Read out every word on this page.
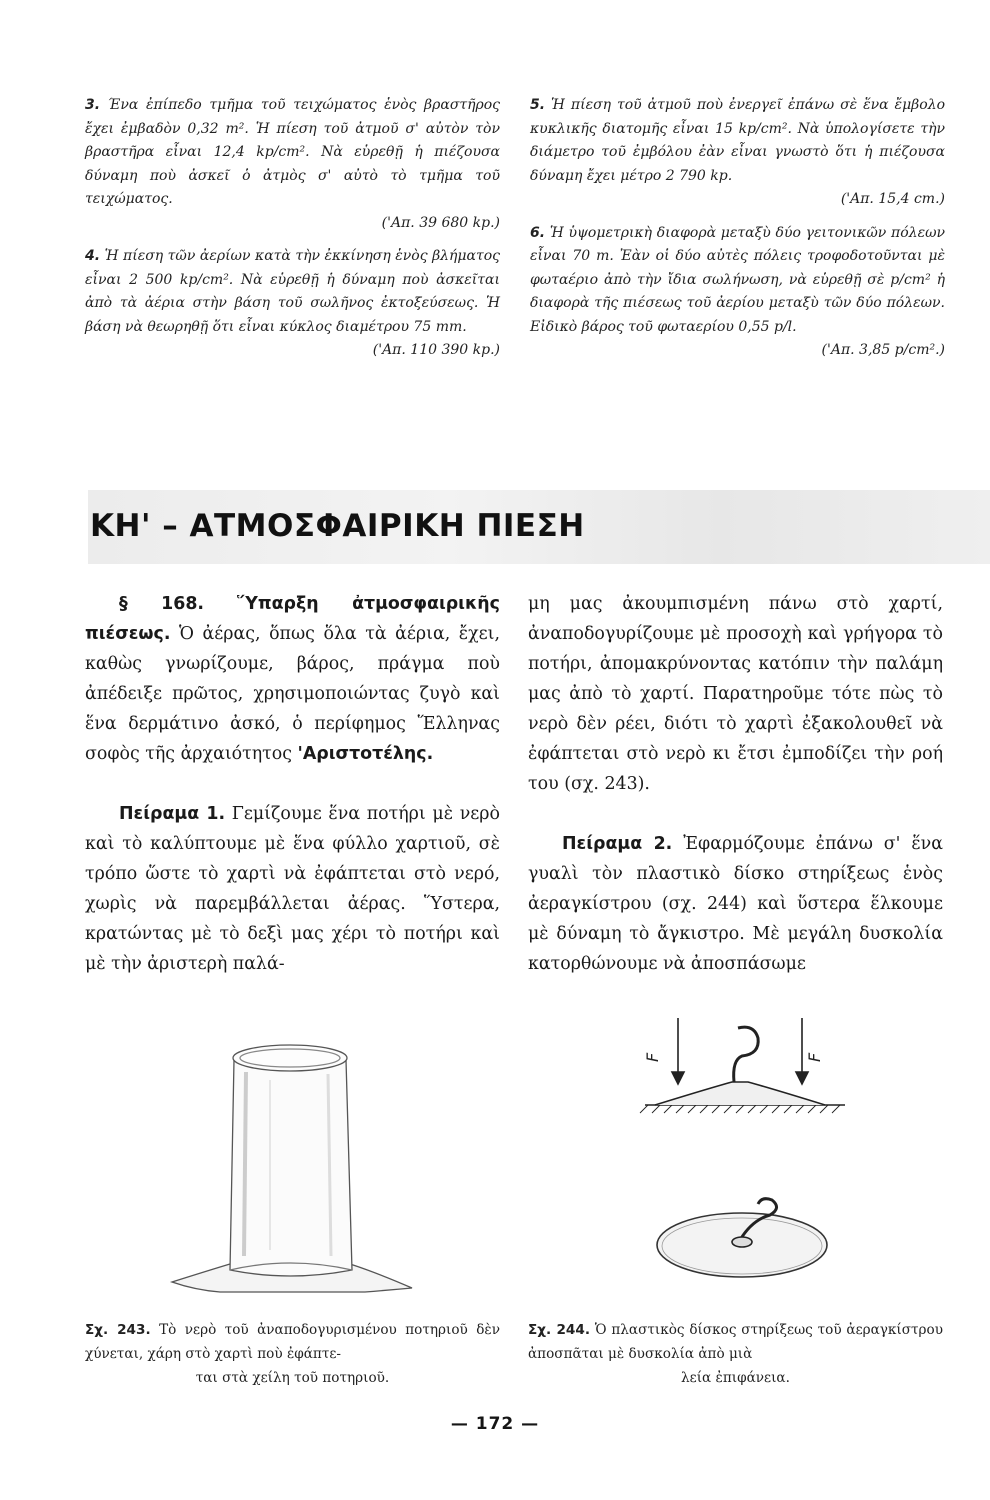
3. Ένα ἐπίπεδο τμῆμα τοῦ τειχώματος ἑνὸς βραστῆρος ἔχει ἐμβαδὸν 0,32 m². Ἡ πίεση τοῦ ἀτμοῦ σ' αὐτὸν τὸν βραστῆρα εἶναι 12,4 kp/cm². Νὰ εὑρεθῇ ἡ πιέζουσα δύναμη ποὺ ἀσκεῖ ὁ ἀτμὸς σ' αὐτὸ τὸ τμῆμα τοῦ τειχώματος.

('Απ. 39 680 kp.)

4. Ἡ πίεση τῶν ἀερίων κατὰ τὴν ἐκκίνηση ἑνὸς βλήματος εἶναι 2 500 kp/cm². Νὰ εὑρεθῇ ἡ δύναμη ποὺ ἀσκεῖται ἀπὸ τὰ ἀέρια στὴν βάση τοῦ σωλῆνος ἐκτοξεύσεως. Ἡ βάση νὰ θεωρηθῇ ὅτι εἶναι κύκλος διαμέτρου 75 mm.

('Απ. 110 390 kp.)

5. Ἡ πίεση τοῦ ἀτμοῦ ποὺ ἐνεργεῖ ἐπάνω σὲ ἕνα ἔμβολο κυκλικῆς διατομῆς εἶναι 15 kp/cm². Νὰ ὑπολογίσετε τὴν διάμετρο τοῦ ἐμβόλου ἐὰν εἶναι γνωστὸ ὅτι ἡ πιέζουσα δύναμη ἔχει μέτρο 2 790 kp.

('Απ. 15,4 cm.)

6. Ἡ ὑψομετρικὴ διαφορὰ μεταξὺ δύο γειτονικῶν πόλεων εἶναι 70 m. Ἐὰν οἱ δύο αὐτὲς πόλεις τροφοδοτοῦνται μὲ φωταέριο ἀπὸ τὴν ἴδια σωλήνωση, νὰ εὑρεθῇ σὲ p/cm² ἡ διαφορὰ τῆς πιέσεως τοῦ ἀερίου μεταξὺ τῶν δύο πόλεων. Εἰδικὸ βάρος τοῦ φωταερίου 0,55 p/l.

('Απ. 3,85 p/cm².)

ΚΗ' – ΑΤΜΟΣΦΑΙΡΙΚΗ ΠΙΕΣΗ

§ 168. Ὕπαρξη ἀτμοσφαιρικῆς πιέσεως. Ὁ ἀέρας, ὅπως ὅλα τὰ ἀέρια, ἔχει, καθὼς γνωρίζουμε, βάρος, πράγμα ποὺ ἀπέδειξε πρῶτος, χρησιμοποιώντας ζυγὸ καὶ ἕνα δερμάτινο ἀσκό, ὁ περίφημος Ἕλληνας σοφὸς τῆς ἀρχαιότητος 'Αριστοτέλης.

Πείραμα 1. Γεμίζουμε ἕνα ποτήρι μὲ νερὸ καὶ τὸ καλύπτουμε μὲ ἕνα φύλλο χαρτιοῦ, σὲ τρόπο ὥστε τὸ χαρτὶ νὰ ἐφάπτεται στὸ νερό, χωρὶς νὰ παρεμβάλλεται ἀέρας. Ὕστερα, κρατώντας μὲ τὸ δεξὶ μας χέρι τὸ ποτήρι καὶ μὲ τὴν ἀριστερὴ παλά-

μη μας ἀκουμπισμένη πάνω στὸ χαρτί, ἀναποδογυρίζουμε μὲ προσοχὴ καὶ γρήγορα τὸ ποτήρι, ἀπομακρύνοντας κατόπιν τὴν παλάμη μας ἀπὸ τὸ χαρτί. Παρατηροῦμε τότε πὼς τὸ νερὸ δὲν ρέει, διότι τὸ χαρτὶ ἐξακολουθεῖ νὰ ἐφάπτεται στὸ νερὸ κι ἔτσι ἐμποδίζει τὴν ροή του (σχ. 243).

Πείραμα 2. Ἐφαρμόζουμε ἐπάνω σ' ἕνα γυαλὶ τὸν πλαστικὸ δίσκο στηρίξεως ἑνὸς ἀεραγκίστρου (σχ. 244) καὶ ὕστερα ἕλκουμε μὲ δύναμη τὸ ἄγκιστρο. Μὲ μεγάλη δυσκολία κατορθώνουμε νὰ ἀποσπάσωμε

F	F
Σχ. 243. Τὸ νερὸ τοῦ ἀναποδογυρισμένου ποτηριοῦ δὲν χύνεται, χάρη στὸ χαρτὶ ποὺ ἐφάπτε-
ται στὰ χείλη τοῦ ποτηριοῦ.
Σχ. 244. Ὁ πλαστικὸς δίσκος στηρίξεως τοῦ ἀεραγκίστρου ἀποσπᾶται μὲ δυσκολία ἀπὸ μιὰ
λεία ἐπιφάνεια.
— 172 —
